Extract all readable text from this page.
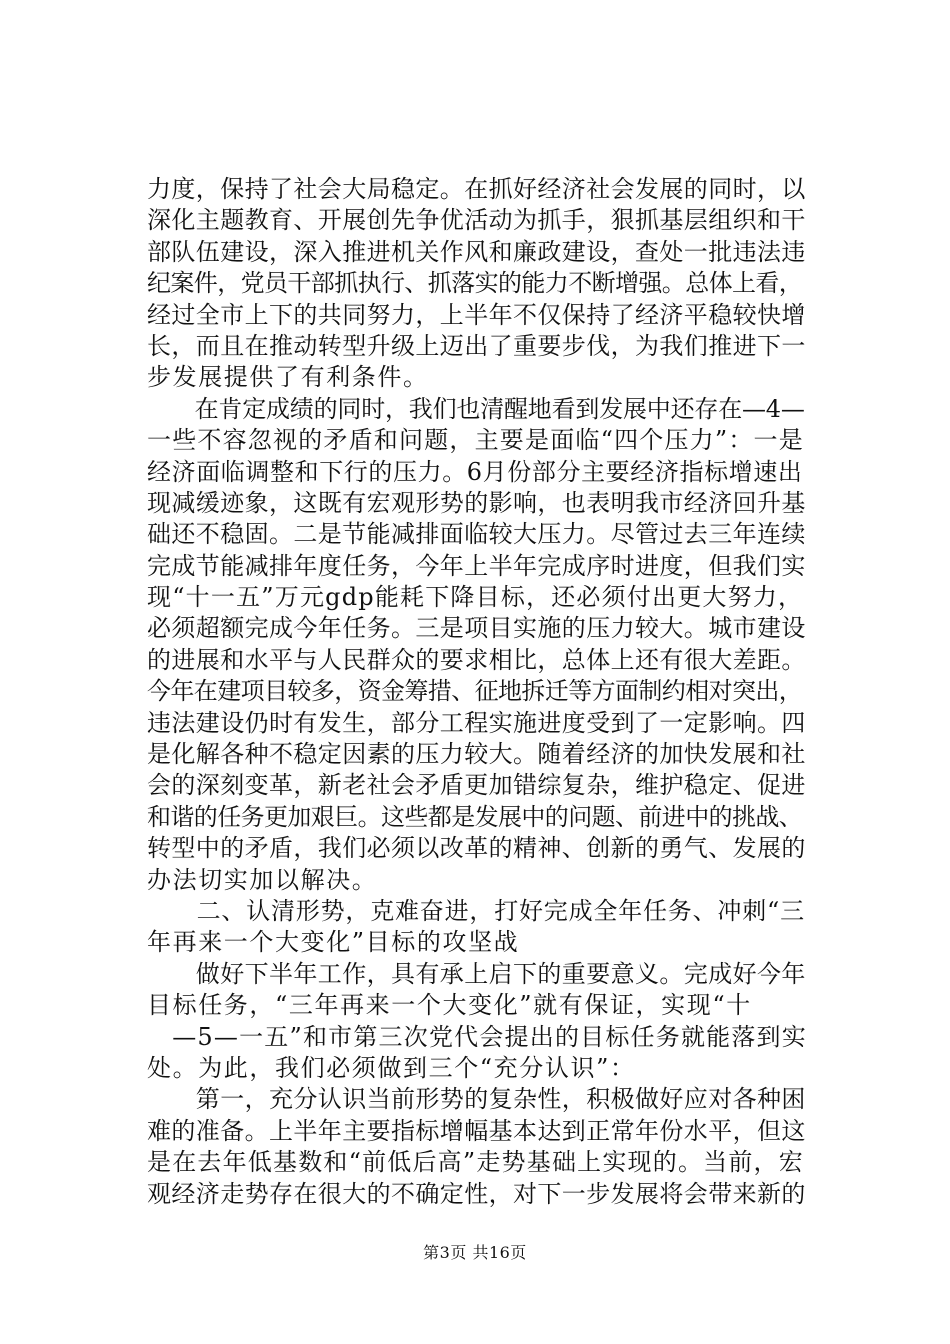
力度，保持了社会大局稳定。在抓好经济社会发展的同时，以
深化主题教育、开展创先争优活动为抓手，狠抓基层组织和干
部队伍建设，深入推进机关作风和廉政建设，查处一批违法违
纪案件，党员干部抓执行、抓落实的能力不断增强。总体上看，
经过全市上下的共同努力，上半年不仅保持了经济平稳较快增
长，而且在推动转型升级上迈出了重要步伐，为我们推进下一
步发展提供了有利条件。
　　在肯定成绩的同时，我们也清醒地看到发展中还存在—4—
一些不容忽视的矛盾和问题，主要是面临“四个压力”：一是
经济面临调整和下行的压力。6月份部分主要经济指标增速出
现减缓迹象，这既有宏观形势的影响，也表明我市经济回升基
础还不稳固。二是节能减排面临较大压力。尽管过去三年连续
完成节能减排年度任务，今年上半年完成序时进度，但我们实
现“十一五”万元gdp能耗下降目标，还必须付出更大努力，
必须超额完成今年任务。三是项目实施的压力较大。城市建设
的进展和水平与人民群众的要求相比，总体上还有很大差距。
今年在建项目较多，资金筹措、征地拆迁等方面制约相对突出，
违法建设仍时有发生，部分工程实施进度受到了一定影响。四
是化解各种不稳定因素的压力较大。随着经济的加快发展和社
会的深刻变革，新老社会矛盾更加错综复杂，维护稳定、促进
和谐的任务更加艰巨。这些都是发展中的问题、前进中的挑战、
转型中的矛盾，我们必须以改革的精神、创新的勇气、发展的
办法切实加以解决。
　　二、认清形势，克难奋进，打好完成全年任务、冲刺“三
年再来一个大变化”目标的攻坚战
　　做好下半年工作，具有承上启下的重要意义。完成好今年
目标任务，“三年再来一个大变化”就有保证，实现“十
　—5—一五”和市第三次党代会提出的目标任务就能落到实
处。为此，我们必须做到三个“充分认识”：
　　第一，充分认识当前形势的复杂性，积极做好应对各种困
难的准备。上半年主要指标增幅基本达到正常年份水平，但这
是在去年低基数和“前低后高”走势基础上实现的。当前，宏
观经济走势存在很大的不确定性，对下一步发展将会带来新的
第3页 共16页
